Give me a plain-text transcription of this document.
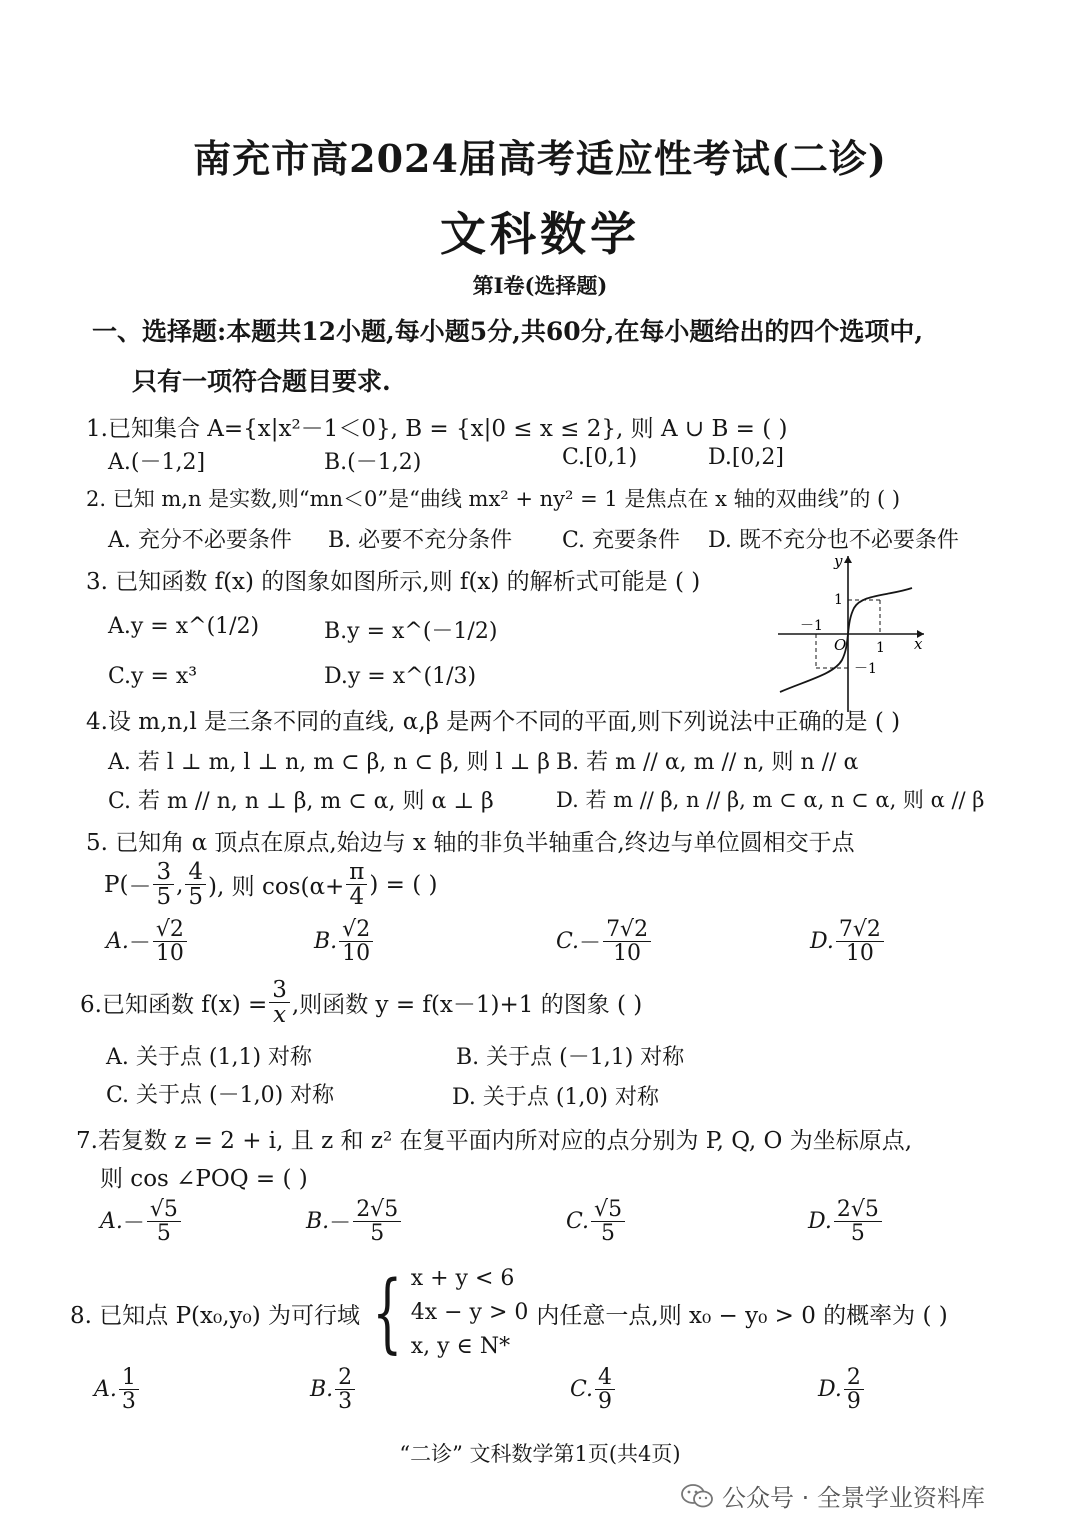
南充市高2024届高考适应性考试(二诊)
文科数学
第I卷(选择题)
一、选择题:本题共12小题,每小题5分,共60分,在每小题给出的四个选项中,
只有一项符合题目要求.
1.已知集合 A={x|x²－1＜0}, B = {x|0 ≤ x ≤ 2}, 则 A ∪ B = ( )
A.(－1,2]	B.(－1,2)	C.[0,1)	D.[0,2]
2. 已知 m,n 是实数,则“mn＜0”是“曲线 mx² + ny² = 1 是焦点在 x 轴的双曲线”的 ( )
A. 充分不必要条件 B. 必要不充分条件 C. 充要条件 D. 既不充分也不必要条件
3. 已知函数 f(x) 的图象如图所示,则 f(x) 的解析式可能是 ( )
A.y = x^(1/2)	B.y = x^(－1/2)
C.y = x³	D.y = x^(1/3)
y
x
O
1
1
－1
－1
4.设 m,n,l 是三条不同的直线, α,β 是两个不同的平面,则下列说法中正确的是 ( )
A. 若 l ⊥ m, l ⊥ n, m ⊂ β, n ⊂ β, 则 l ⊥ β B. 若 m // α, m // n, 则 n // α
C. 若 m // n, n ⊥ β, m ⊂ α, 则 α ⊥ β	D. 若 m // β, n // β, m ⊂ α, n ⊂ α, 则 α // β
5. 已知角 α 顶点在原点,始边与 x 轴的非负半轴重合,终边与单位圆相交于点
$P( - \frac{3}{5}$ , $\frac{4}{5}$ ), 则 $\cos(\alpha+ \frac{\pi}{4}$ ) = ( )
A. － $\frac{√2}{10}$	B. $\frac{√2}{10}$	C. － $\frac{7√2}{10}$	D. $\frac{7√2}{10}$
6.已知函数 $f(x) = \frac{3}{x}$ ,则函数 y = f(x－1)+1 的图象 ( )
A. 关于点 (1,1) 对称	B. 关于点 (－1,1) 对称
C. 关于点 (－1,0) 对称	D. 关于点 (1,0) 对称
7.若复数 z = 2 + i, 且 z 和 z² 在复平面内所对应的点分别为 P, Q, O 为坐标原点,
则 cos ∠POQ = ( )
A. － $\frac{√5}{5}$	B. － $\frac{2√5}{5}$	C. $\frac{√5}{5}$	D. $\frac{2√5}{5}$
8. 已知点 P(x₀,y₀) 为可行域 { x + y < 6
4x − y > 0
x, y ∈ N*
内任意一点,则 x₀ − y₀ > 0 的概率为 ( )
A. $\frac{1}{3}$	B. $\frac{2}{3}$	C. $\frac{4}{9}$	D. $\frac{2}{9}$
“二诊” 文科数学第1页(共4页)
公众号 · 全景学业资料库
